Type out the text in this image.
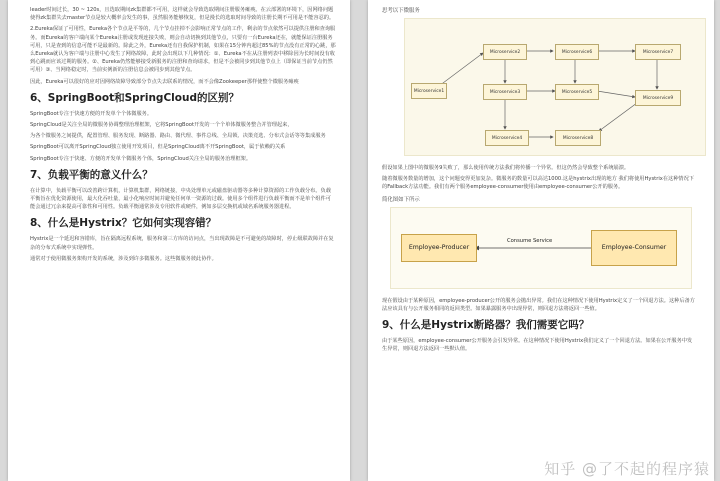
leader时间过长，30 ~ 120s，且选取期间zk集群都不可用，这样就会导致选取期间注册服务瘫痪。在云部署的环境下，因网络问题使得zk集群失去master节点是较大概率会发生的事，虽然服务能够恢复，但是漫长的选取时间导致的注册长期不可用是不能容忍的。

2.Eureka保证了可用性，Eureka各个节点是平等的，几个节点挂掉不会影响正常节点的工作，剩余的节点依然可以提供注册和查询服务。而Eureka的客户端向某个Eureka注册或发现连接失败，则会自动切换到其他节点，只要有一台Eureka还在，就能保证注册服务可用，只是查到的信息可能不是最新的。除此之外，Eureka还有自我保护机制，如果在15分钟内超过85%的节点没有正常的心跳，那么Eureka就认为客户端与注册中心发生了网络故障，此时会出现以下几种情况：①、Eureka不在从注册列表中移除因为长时间没有收到心跳而应该过期的服务。②、Eureka仍然能够接受新服务的注册和查询请求，但是不会被同步到其他节点上（即保证当前节点仍然可用）③、当网络稳定时，当前实例新的注册信息会被同步到其他节点。

因此，Eureka可以很好的应对因网络故障导致部分节点失去联系的情况，而不会像Zookeeper那样使整个微服务瘫痪

6、SpringBoot和SpringCloud的区别？

SpringBoot专注于快速方便的开发单个个体微服务。

SpringCloud是关注全局的微服务协调整理治理框架，它将SpringBoot开发的一个个单体微服务整合并管理起来，

为各个微服务之间提供，配置管理、服务发现、断路器、路由、微代理、事件总线、全局锁、决策竞选、分布式会话等等集成服务

SpringBoot可以离开SpringCloud独立使用开发项目，但是SpringCloud离不开SpringBoot，属于依赖的关系

SpringBoot专注于快速、方便的开发单个微服务个体，SpringCloud关注全局的服务治理框架。

7、负载平衡的意义什么？

在计算中，负载平衡可以改善跨计算机，计算机集群，网络链接，中央处理单元或磁盘驱动器等多种计算资源的工作负载分布。负载平衡旨在优化资源使用，最大化吞吐量，最小化响应时间并避免任何单一资源的过载。使用多个组件进行负载平衡而不是单个组件可能会通过冗余来提高可靠性和可用性。负载平衡通常涉及专用软件或硬件，例如多层交换机或域名系统服务器进程。

8、什么是Hystrix？它如何实现容错？

Hystrix是一个延迟和容错库，旨在隔离远程系统，服务和第三方库的访问点，当出现故障是不可避免的故障时，停止级联故障并在复杂的分布式系统中实现弹性。

通常对于使用微服务架构开发的系统，涉及到许多微服务。这些微服务彼此协作。

思考以下微服务
Microservice1
Microservice2
Microservice3
Microservice4
Microservice5
Microservice6	Microservice7
Microservice8
Microservice9

假设如果上图中的微服务9失败了，那么使用传统方法我们将传播一个异常。但这仍然会导致整个系统崩溃。

随着微服务数量的增加，这个问题变得更加复杂。微服务的数量可以高达1000.这是hystrix出现的地方 我们将使用Hystrix在这种情况下的Fallback方法功能。我们有两个服务employee-consumer使用由employee-consumer公开的服务。

简化图如下所示
Employee-Producer	Employee-Consumer
Consume Service

现在假设由于某种原因，employee-producer公开的服务会抛出异常。我们在这种情况下使用Hystrix定义了一个回退方法。这种后备方法应该具有与公开服务相同的返回类型。如果暴露服务中出现异常，则回退方法将返回一些值。

9、什么是Hystrix断路器？我们需要它吗？

由于某些原因，employee-consumer公开服务会引发异常。在这种情况下使用Hystrix我们定义了一个回退方法。如果在公开服务中发生异常，则回退方法返回一些默认值。

知乎 @了不起的程序猿
